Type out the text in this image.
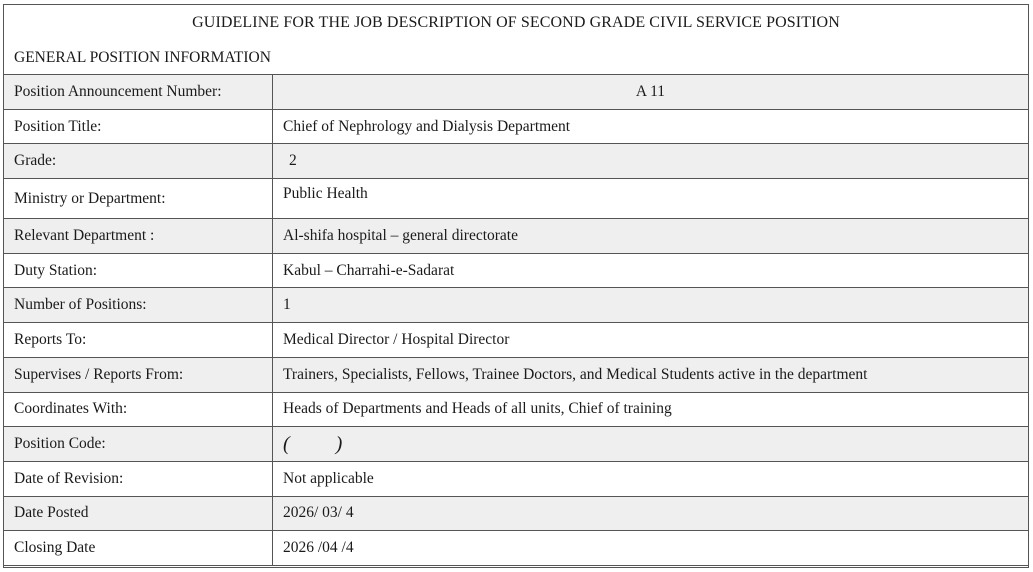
GUIDELINE FOR THE JOB DESCRIPTION OF SECOND GRADE CIVIL SERVICE POSITION
GENERAL POSITION INFORMATION
Position Announcement Number:	A 11
Position Title:	Chief of Nephrology and Dialysis Department
Grade:	2
Ministry or Department:	Public Health
Relevant Department :	Al-shifa hospital – general directorate
Duty Station:	Kabul – Charrahi-e-Sadarat
Number of Positions:	1
Reports To:	Medical Director / Hospital Director
Supervises / Reports From:	Trainers, Specialists, Fellows, Trainee Doctors, and Medical Students active in the department
Coordinates With:	Heads of Departments and Heads of all units, Chief of training
Position Code:	( )
Date of Revision:	Not applicable
Date Posted	2026/ 03/ 4
Closing Date	2026 /04 /4
